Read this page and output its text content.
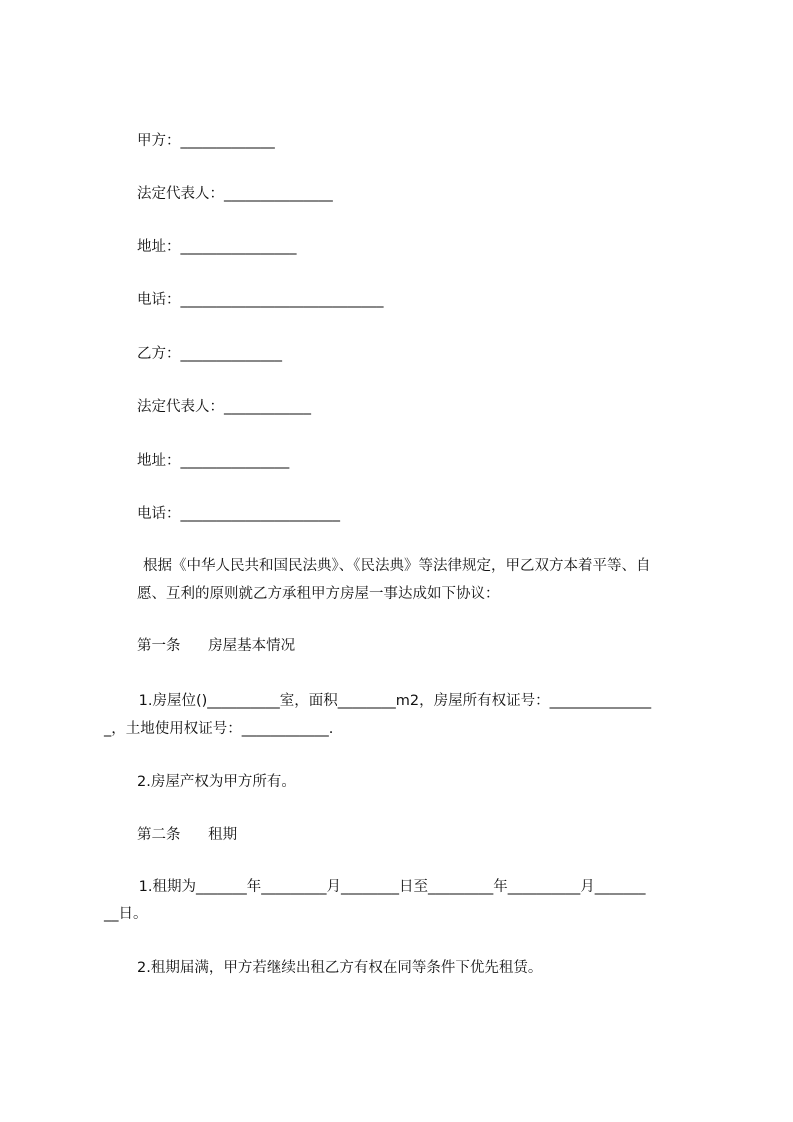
甲方：_____________
法定代表人：_______________
地址：________________
电话：____________________________
乙方：______________
法定代表人：____________
地址：_______________
电话：______________________
根据《中华人民共和国民法典》、《民法典》等法律规定，甲乙双方本着平等、自
愿、互利的原则就乙方承租甲方房屋一事达成如下协议：
第一条      房屋基本情况
1.房屋位()__________室，面积________m2，房屋所有权证号：______________
_，土地使用权证号：____________.
2.房屋产权为甲方所有。
第二条      租期
1.租期为_______年_________月________日至_________年__________月_______
__日。
2.租期届满，甲方若继续出租乙方有权在同等条件下优先租赁。
